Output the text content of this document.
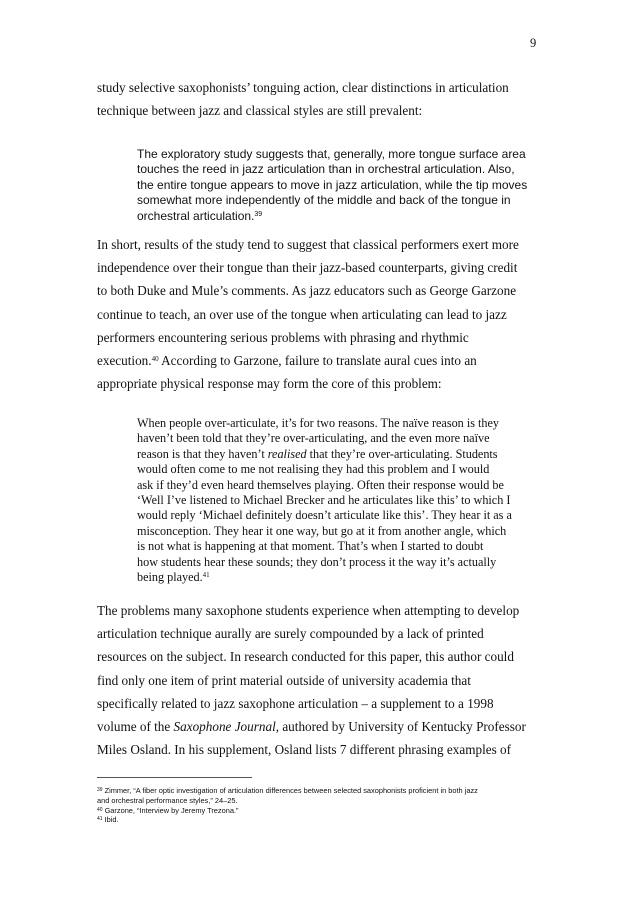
9
study selective saxophonists’ tonguing action, clear distinctions in articulation
technique between jazz and classical styles are still prevalent:
The exploratory study suggests that, generally, more tongue surface area
touches the reed in jazz articulation than in orchestral articulation. Also,
the entire tongue appears to move in jazz articulation, while the tip moves
somewhat more independently of the middle and back of the tongue in
orchestral articulation.$^{39}$
In short, results of the study tend to suggest that classical performers exert more
independence over their tongue than their jazz-based counterparts, giving credit
to both Duke and Mule’s comments. As jazz educators such as George Garzone
continue to teach, an over use of the tongue when articulating can lead to jazz
performers encountering serious problems with phrasing and rhythmic
execution.$^{40}$ According to Garzone, failure to translate aural cues into an
appropriate physical response may form the core of this problem:
When people over-articulate, it’s for two reasons. The naïve reason is they
haven’t been told that they’re over-articulating, and the even more naïve
reason is that they haven’t realised that they’re over-articulating. Students
would often come to me not realising they had this problem and I would
ask if they’d even heard themselves playing. Often their response would be
‘Well I’ve listened to Michael Brecker and he articulates like this’ to which I
would reply ‘Michael definitely doesn’t articulate like this’. They hear it as a
misconception. They hear it one way, but go at it from another angle, which
is not what is happening at that moment. That’s when I started to doubt
how students hear these sounds; they don’t process it the way it’s actually
being played.$^{41}$
The problems many saxophone students experience when attempting to develop
articulation technique aurally are surely compounded by a lack of printed
resources on the subject. In research conducted for this paper, this author could
find only one item of print material outside of university academia that
specifically related to jazz saxophone articulation – a supplement to a 1998
volume of the Saxophone Journal, authored by University of Kentucky Professor
Miles Osland. In his supplement, Osland lists 7 different phrasing examples of
$^{39}$ Zimmer, “A fiber optic investigation of articulation differences between selected saxophonists proficient in both jazz
and orchestral performance styles,” 24–25.
$^{40}$ Garzone, “Interview by Jeremy Trezona.”
$^{41}$ Ibid.
